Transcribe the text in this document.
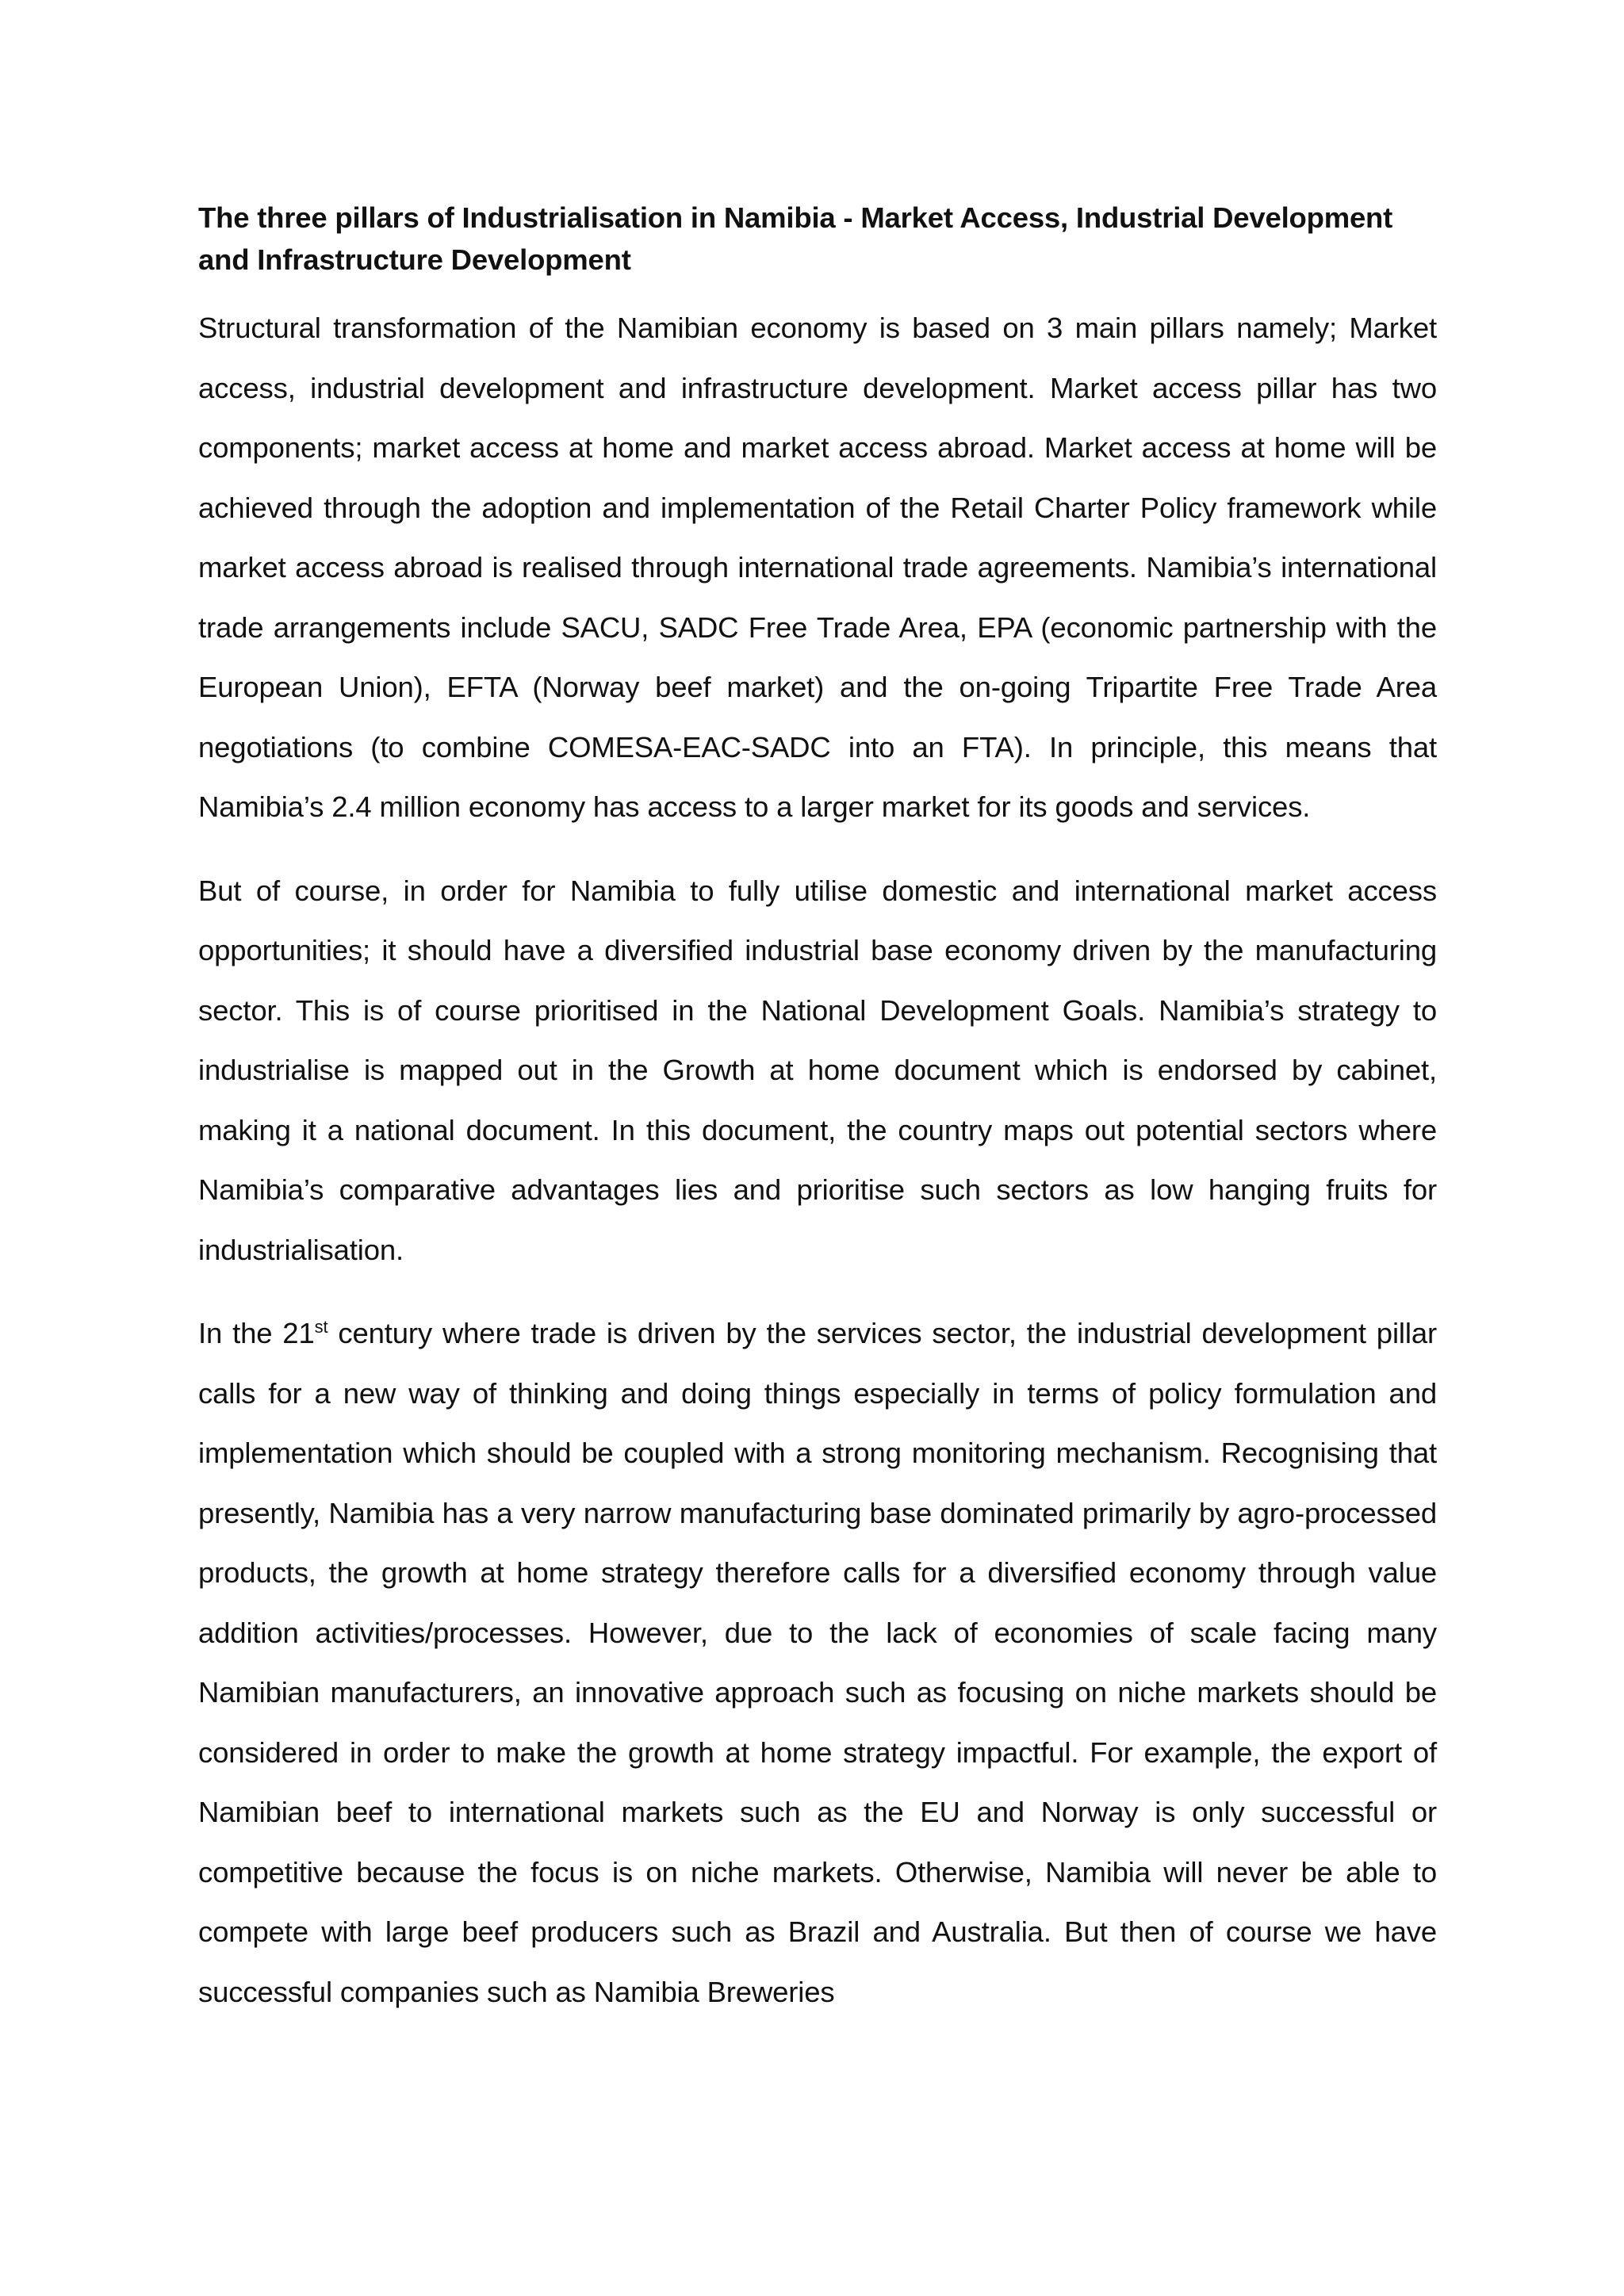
The three pillars of Industrialisation in Namibia - Market Access, Industrial Development and Infrastructure Development

Structural transformation of the Namibian economy is based on 3 main pillars namely; Market access, industrial development and infrastructure development. Market access pillar has two components; market access at home and market access abroad. Market access at home will be achieved through the adoption and implementation of the Retail Charter Policy framework while market access abroad is realised through international trade agreements. Namibia’s international trade arrangements include SACU, SADC Free Trade Area, EPA (economic partnership with the European Union), EFTA (Norway beef market) and the on-going Tripartite Free Trade Area negotiations (to combine COMESA-EAC-SADC into an FTA). In principle, this means that Namibia’s 2.4 million economy has access to a larger market for its goods and services.

But of course, in order for Namibia to fully utilise domestic and international market access opportunities; it should have a diversified industrial base economy driven by the manufacturing sector. This is of course prioritised in the National Development Goals. Namibia’s strategy to industrialise is mapped out in the Growth at home document which is endorsed by cabinet, making it a national document. In this document, the country maps out potential sectors where Namibia’s comparative advantages lies and prioritise such sectors as low hanging fruits for industrialisation.

In the 21st century where trade is driven by the services sector, the industrial development pillar calls for a new way of thinking and doing things especially in terms of policy formulation and implementation which should be coupled with a strong monitoring mechanism. Recognising that presently, Namibia has a very narrow manufacturing base dominated primarily by agro-processed products, the growth at home strategy therefore calls for a diversified economy through value addition activities/processes. However, due to the lack of economies of scale facing many Namibian manufacturers, an innovative approach such as focusing on niche markets should be considered in order to make the growth at home strategy impactful. For example, the export of Namibian beef to international markets such as the EU and Norway is only successful or competitive because the focus is on niche markets. Otherwise, Namibia will never be able to compete with large beef producers such as Brazil and Australia. But then of course we have successful companies such as Namibia Breweries
